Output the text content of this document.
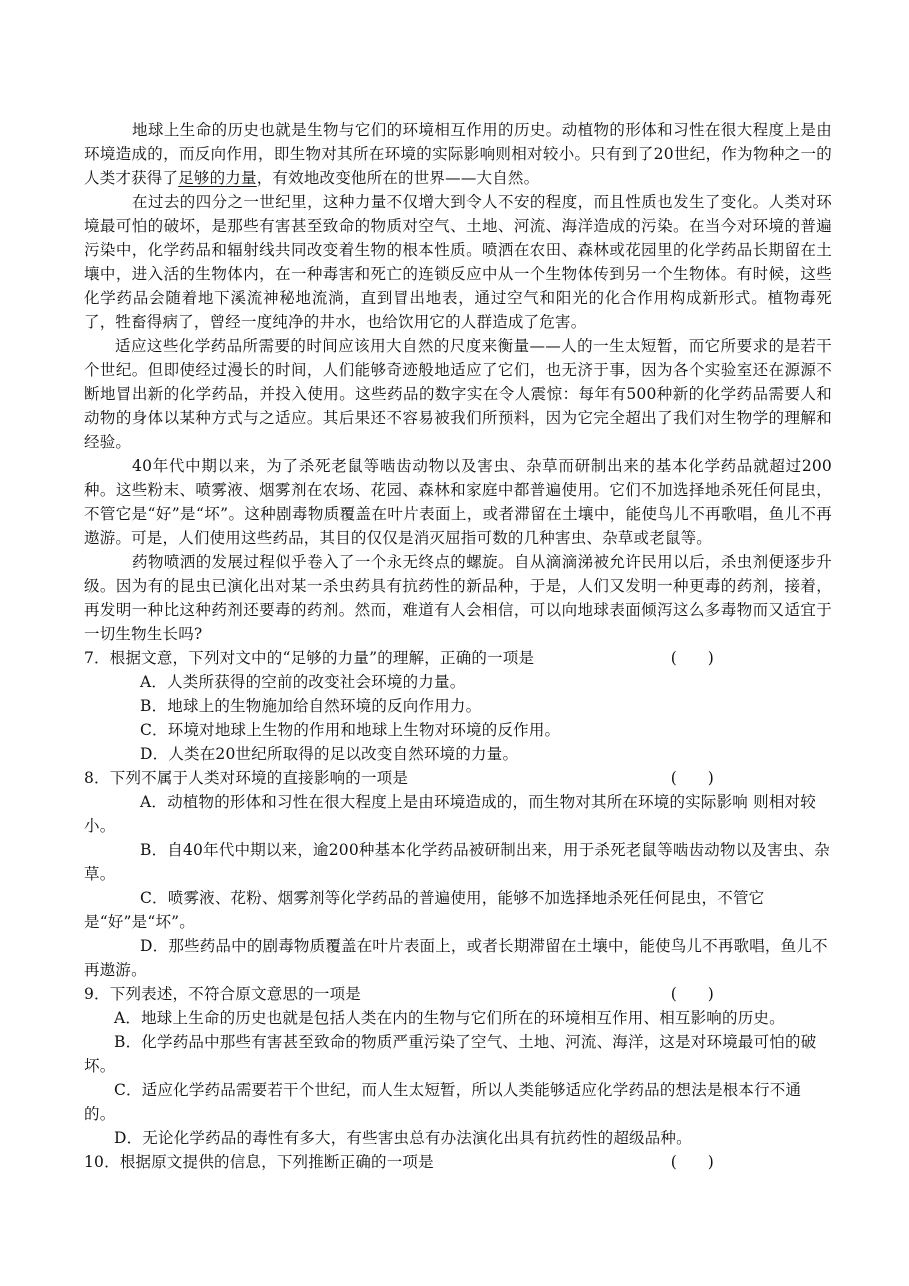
地球上生命的历史也就是生物与它们的环境相互作用的历史。动植物的形体和习性在很大程度上是由环境造成的，而反向作用，即生物对其所在环境的实际影响则相对较小。只有到了20世纪，作为物种之一的人类才获得了足够的力量，有效地改变他所在的世界——大自然。

在过去的四分之一世纪里，这种力量不仅增大到令人不安的程度，而且性质也发生了变化。人类对环境最可怕的破坏，是那些有害甚至致命的物质对空气、土地、河流、海洋造成的污染。在当今对环境的普遍污染中，化学药品和辐射线共同改变着生物的根本性质。喷洒在农田、森林或花园里的化学药品长期留在土壤中，进入活的生物体内，在一种毒害和死亡的连锁反应中从一个生物体传到另一个生物体。有时候，这些化学药品会随着地下溪流神秘地流淌，直到冒出地表，通过空气和阳光的化合作用构成新形式。植物毒死了，牲畜得病了，曾经一度纯净的井水，也给饮用它的人群造成了危害。

适应这些化学药品所需要的时间应该用大自然的尺度来衡量——人的一生太短暂，而它所要求的是若干个世纪。但即使经过漫长的时间，人们能够奇迹般地适应了它们，也无济于事，因为各个实验室还在源源不断地冒出新的化学药品，并投入使用。这些药品的数字实在令人震惊：每年有500种新的化学药品需要人和动物的身体以某种方式与之适应。其后果还不容易被我们所预料，因为它完全超出了我们对生物学的理解和经验。

40年代中期以来，为了杀死老鼠等啮齿动物以及害虫、杂草而研制出来的基本化学药品就超过200种。这些粉末、喷雾液、烟雾剂在农场、花园、森林和家庭中都普遍使用。它们不加选择地杀死任何昆虫，不管它是“好”是“坏”。这种剧毒物质覆盖在叶片表面上，或者滞留在土壤中，能使鸟儿不再歌唱，鱼儿不再遨游。可是，人们使用这些药品，其目的仅仅是消灭屈指可数的几种害虫、杂草或老鼠等。

药物喷洒的发展过程似乎卷入了一个永无终点的螺旋。自从滴滴涕被允许民用以后，杀虫剂便逐步升级。因为有的昆虫已演化出对某一杀虫药具有抗药性的新品种，于是，人们又发明一种更毒的药剂，接着，再发明一种比这种药剂还要毒的药剂。然而，难道有人会相信，可以向地球表面倾泻这么多毒物而又适宜于一切生物生长吗?

7．根据文意，下列对文中的“足够的力量”的理解，正确的一项是	(      )

A．人类所获得的空前的改变社会环境的力量。

B．地球上的生物施加给自然环境的反向作用力。

C．环境对地球上生物的作用和地球上生物对环境的反作用。

D．人类在20世纪所取得的足以改变自然环境的力量。

8．下列不属于人类对环境的直接影响的一项是	(      )

A．动植物的形体和习性在很大程度上是由环境造成的，而生物对其所在环境的实际影响 则相对较小。

B．自40年代中期以来，逾200种基本化学药品被研制出来，用于杀死老鼠等啮齿动物以及害虫、杂草。

C．喷雾液、花粉、烟雾剂等化学药品的普遍使用，能够不加选择地杀死任何昆虫，不管它是“好”是“坏”。

D．那些药品中的剧毒物质覆盖在叶片表面上，或者长期滞留在土壤中，能使鸟儿不再歌唱，鱼儿不再遨游。

9．下列表述，不符合原文意思的一项是	(      )

A．地球上生命的历史也就是包括人类在内的生物与它们所在的环境相互作用、相互影响的历史。

B．化学药品中那些有害甚至致命的物质严重污染了空气、土地、河流、海洋，这是对环境最可怕的破坏。

C．适应化学药品需要若干个世纪，而人生太短暂，所以人类能够适应化学药品的想法是根本行不通的。

D．无论化学药品的毒性有多大，有些害虫总有办法演化出具有抗药性的超级品种。

10．根据原文提供的信息，下列推断正确的一项是	(      )
